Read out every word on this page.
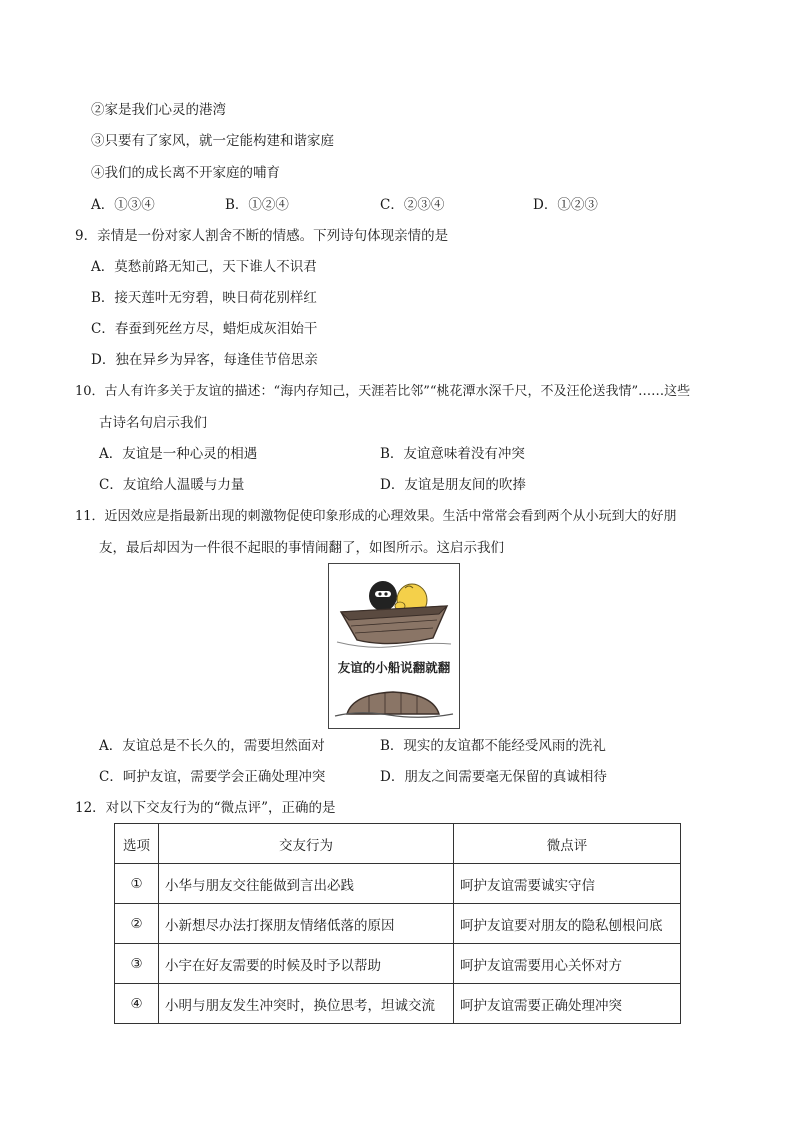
②家是我们心灵的港湾
③只要有了家风，就一定能构建和谐家庭
④我们的成长离不开家庭的哺育
A．①③④	B．①②④	C．②③④	D．①②③
9．亲情是一份对家人割舍不断的情感。下列诗句体现亲情的是
A．莫愁前路无知己，天下谁人不识君
B．接天莲叶无穷碧，映日荷花别样红
C．春蚕到死丝方尽，蜡炬成灰泪始干
D．独在异乡为异客，每逢佳节倍思亲
10．古人有许多关于友谊的描述：“海内存知己，天涯若比邻”“桃花潭水深千尺，不及汪伦送我情”……这些
古诗名句启示我们
A．友谊是一种心灵的相遇	B．友谊意味着没有冲突
C．友谊给人温暖与力量	D．友谊是朋友间的吹捧
11．近因效应是指最新出现的刺激物促使印象形成的心理效果。生活中常常会看到两个从小玩到大的好朋
友，最后却因为一件很不起眼的事情闹翻了，如图所示。这启示我们
友谊的小船说翻就翻
A．友谊总是不长久的，需要坦然面对	B．现实的友谊都不能经受风雨的洗礼
C．呵护友谊，需要学会正确处理冲突	D．朋友之间需要毫无保留的真诚相待
12．对以下交友行为的“微点评”，正确的是
选项	交友行为	微点评
①	小华与朋友交往能做到言出必践	呵护友谊需要诚实守信
②	小新想尽办法打探朋友情绪低落的原因	呵护友谊要对朋友的隐私刨根问底
③	小宇在好友需要的时候及时予以帮助	呵护友谊需要用心关怀对方
④	小明与朋友发生冲突时，换位思考，坦诚交流	呵护友谊需要正确处理冲突
